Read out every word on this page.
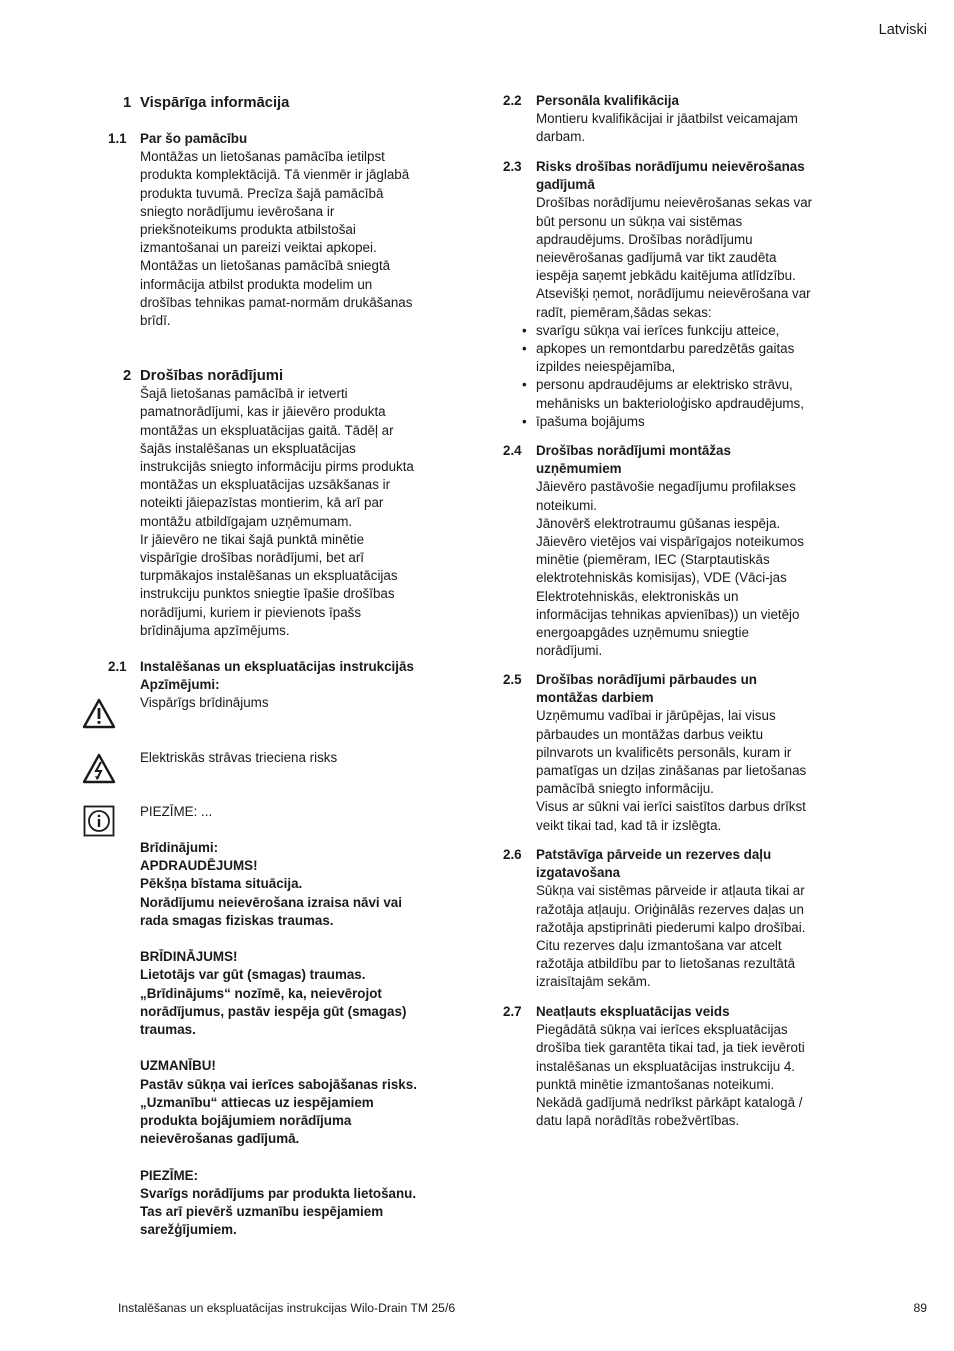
Latviski
1 Vispārīga informācija
1.1 Par šo pamācību

Montāžas un lietošanas pamācība ietilpst

produkta komplektācijā. Tā vienmēr ir jāglabā

produkta tuvumā. Precīza šajā pamācībā

sniegto norādījumu ievērošana ir

priekšnoteikums produkta atbilstošai

izmantošanai un pareizi veiktai apkopei.

Montāžas un lietošanas pamācībā sniegtā

informācija atbilst produkta modelim un

drošības tehnikas pamat-normām drukāšanas

brīdī.

2 Drošības norādījumi

Šajā lietošanas pamācībā ir ietverti

pamatnorādījumi, kas ir jāievēro produkta

montāžas un ekspluatācijas gaitā. Tādēļ ar

šajās instalēšanas un ekspluatācijas

instrukcijās sniegto informāciju pirms produkta

montāžas un ekspluatācijas uzsākšanas ir

noteikti jāiepazīstas montierim, kā arī par

montāžu atbildīgajam uzņēmumam.

Ir jāievēro ne tikai šajā punktā minētie

vispārīgie drošības norādījumi, bet arī

turpmākajos instalēšanas un ekspluatācijas

instrukciju punktos sniegtie īpašie drošības

norādījumi, kuriem ir pievienots īpašs

brīdinājuma apzīmējums.

2.1 Instalēšanas un ekspluatācijas instrukcijās

Apzīmējumi:

Vispārīgs brīdinājums
Elektriskās strāvas trieciena risks
PIEZĪME: ...

Brīdinājumi:

APDRAUDĒJUMS!

Pēkšņa bīstama situācija.

Norādījumu neievērošana izraisa nāvi vai

rada smagas fiziskas traumas.

BRĪDINĀJUMS!

Lietotājs var gūt (smagas) traumas.

„Brīdinājums“ nozīmē, ka, neievērojot

norādījumus, pastāv iespēja gūt (smagas)

traumas.

UZMANĪBU!

Pastāv sūkņa vai ierīces sabojāšanas risks.

„Uzmanību“ attiecas uz iespējamiem

produkta bojājumiem norādījuma

neievērošanas gadījumā.

PIEZĪME:

Svarīgs norādījums par produkta lietošanu.

Tas arī pievērš uzmanību iespējamiem

sarežģījumiem.

2.2 Personāla kvalifikācija

Montieru kvalifikācijai ir jāatbilst veicamajam

darbam.

2.3 Risks drošības norādījumu neievērošanas

gadījumā

Drošības norādījumu neievērošanas sekas var

būt personu un sūkņa vai sistēmas

apdraudējums. Drošības norādījumu

neievērošanas gadījumā var tikt zaudēta

iespēja saņemt jebkādu kaitējuma atlīdzību.

Atsevišķi ņemot, norādījumu neievērošana var

radīt, piemēram,šādas sekas:

• svarīgu sūkņa vai ierīces funkciju atteice,
• apkopes un remontdarbu paredzētās gaitas
izpildes neiespējamība,
• personu apdraudējums ar elektrisko strāvu,
mehānisks un bakterioloģisko apdraudējums,
• īpašuma bojājums
2.4 Drošības norādījumi montāžas

uzņēmumiem

Jāievēro pastāvošie negadījumu profilakses

noteikumi.

Jānovērš elektrotraumu gūšanas iespēja.

Jāievēro vietējos vai vispārīgajos noteikumos

minētie (piemēram, IEC (Starptautiskās

elektrotehniskās komisijas), VDE (Vāci-jas

Elektrotehniskās, elektroniskās un

informācijas tehnikas apvienības)) un vietējo

energoapgādes uzņēmumu sniegtie

norādījumi.

2.5 Drošības norādījumi pārbaudes un

montāžas darbiem

Uzņēmumu vadībai ir jārūpējas, lai visus

pārbaudes un montāžas darbus veiktu

pilnvarots un kvalificēts personāls, kuram ir

pamatīgas un dziļas zināšanas par lietošanas

pamācībā sniegto informāciju.

Visus ar sūkni vai ierīci saistītos darbus drīkst

veikt tikai tad, kad tā ir izslēgta.

2.6 Patstāvīga pārveide un rezerves daļu

izgatavošana

Sūkņa vai sistēmas pārveide ir atļauta tikai ar

ražotāja atļauju. Oriģinālās rezerves daļas un

ražotāja apstiprināti piederumi kalpo drošībai.

Citu rezerves daļu izmantošana var atcelt

ražotāja atbildību par to lietošanas rezultātā

izraisītajām sekām.

2.7 Neatļauts ekspluatācijas veids

Piegādātā sūkņa vai ierīces ekspluatācijas

drošība tiek garantēta tikai tad, ja tiek ievēroti

instalēšanas un ekspluatācijas instrukciju 4.

punktā minētie izmantošanas noteikumi.

Nekādā gadījumā nedrīkst pārkāpt katalogā /

datu lapā norādītās robežvērtības.

Instalēšanas un ekspluatācijas instrukcijas Wilo-Drain TM 25/6	89
